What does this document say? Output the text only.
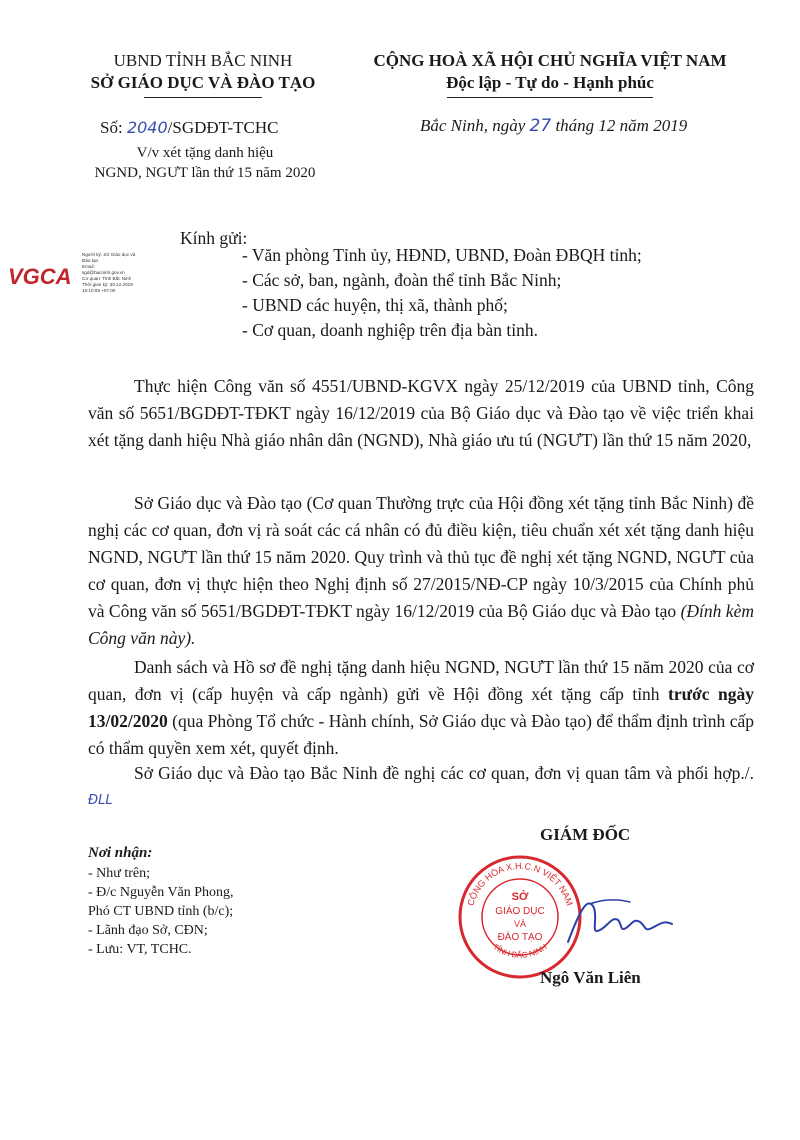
UBND TỈNH BẮC NINH
SỞ GIÁO DỤC VÀ ĐÀO TẠO
CỘNG HOÀ XÃ HỘI CHỦ NGHĨA VIỆT NAM
Độc lập - Tự do - Hạnh phúc
Số: 2040/SGDĐT-TCHC
V/v xét tặng danh hiệu
NGND, NGƯT lần thứ 15 năm 2020
Bắc Ninh, ngày 27 tháng 12 năm 2019
VGCA
Người ký: Sở Giáo dục và
Đào tạo
Email:
sgd@bacninh.gov.vn
Cơ quan: Tỉnh Bắc Ninh
Thời gian ký: 30.12.2019
15:10:09 +07:00
Kính gửi:
- Văn phòng Tỉnh ủy, HĐND, UBND, Đoàn ĐBQH tỉnh;
- Các sở, ban, ngành, đoàn thể tỉnh Bắc Ninh;
- UBND các huyện, thị xã, thành phố;
- Cơ quan, doanh nghiệp trên địa bàn tỉnh.

Thực hiện Công văn số 4551/UBND-KGVX ngày 25/12/2019 của UBND tỉnh, Công văn số 5651/BGDĐT-TĐKT ngày 16/12/2019 của Bộ Giáo dục và Đào tạo về việc triển khai xét tặng danh hiệu Nhà giáo nhân dân (NGND), Nhà giáo ưu tú (NGƯT) lần thứ 15 năm 2020,

Sở Giáo dục và Đào tạo (Cơ quan Thường trực của Hội đồng xét tặng tỉnh Bắc Ninh) đề nghị các cơ quan, đơn vị rà soát các cá nhân có đủ điều kiện, tiêu chuẩn xét xét tặng danh hiệu NGND, NGƯT lần thứ 15 năm 2020. Quy trình và thủ tục đề nghị xét tặng NGND, NGƯT của cơ quan, đơn vị thực hiện theo Nghị định số 27/2015/NĐ-CP ngày 10/3/2015 của Chính phủ và Công văn số 5651/BGDĐT-TĐKT ngày 16/12/2019 của Bộ Giáo dục và Đào tạo (Đính kèm Công văn này).

Danh sách và Hồ sơ đề nghị tặng danh hiệu NGND, NGƯT lần thứ 15 năm 2020 của cơ quan, đơn vị (cấp huyện và cấp ngành) gửi về Hội đồng xét tặng cấp tỉnh trước ngày 13/02/2020 (qua Phòng Tổ chức - Hành chính, Sở Giáo dục và Đào tạo) để thẩm định trình cấp có thẩm quyền xem xét, quyết định.

Sở Giáo dục và Đào tạo Bắc Ninh đề nghị các cơ quan, đơn vị quan tâm và phối hợp./. ĐLL

Nơi nhận:
- Như trên;
- Đ/c Nguyễn Văn Phong,
Phó CT UBND tỉnh (b/c);
- Lãnh đạo Sở, CĐN;
- Lưu: VT, TCHC.
GIÁM ĐỐC
CỘNG HÒA X.H.C.N VIỆT NAM
TỈNH BẮC NINH
SỞ
GIÁO DỤC
VÀ
ĐÀO TẠO
Ngô Văn Liên
